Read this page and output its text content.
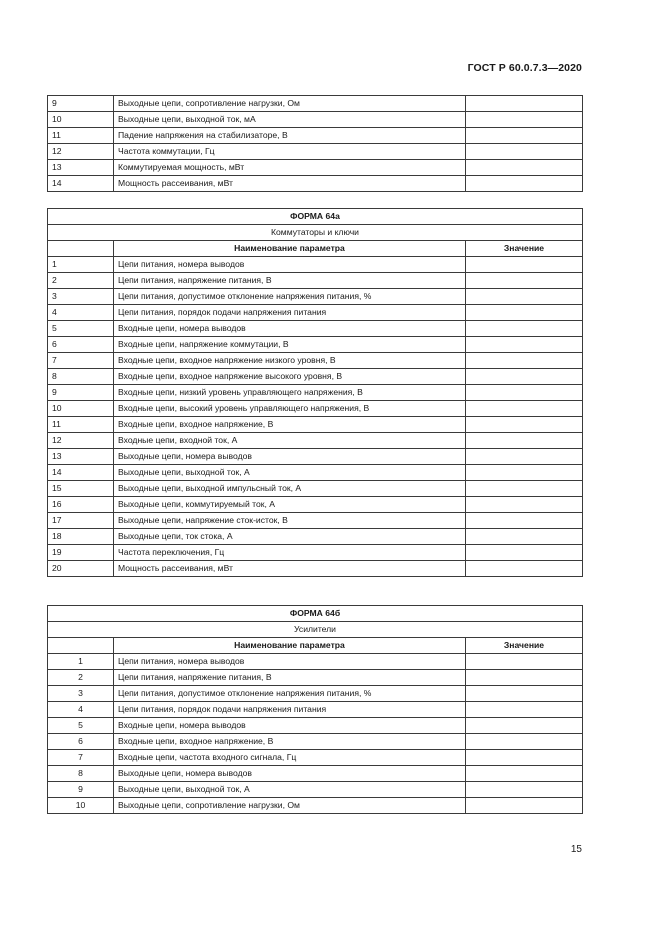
ГОСТ Р 60.0.7.3—2020
9	Выходные цепи, сопротивление нагрузки, Ом	
10	Выходные цепи, выходной ток, мА	
11	Падение напряжения на стабилизаторе, В	
12	Частота коммутации, Гц	
13	Коммутируемая мощность, мВт	
14	Мощность рассеивания, мВт	
ФОРМА 64а		
Коммутаторы и ключи		
	Наименование параметра	Значение
1	Цепи питания, номера выводов	
2	Цепи питания, напряжение питания, В	
3	Цепи питания, допустимое отклонение напряжения питания, %	
4	Цепи питания, порядок подачи напряжения питания	
5	Входные цепи, номера выводов	
6	Входные цепи, напряжение коммутации, В	
7	Входные цепи, входное напряжение низкого уровня, В	
8	Входные цепи, входное напряжение высокого уровня, В	
9	Входные цепи, низкий уровень управляющего напряжения, В	
10	Входные цепи, высокий уровень управляющего напряжения, В	
11	Входные цепи, входное напряжение, В	
12	Входные цепи, входной ток, А	
13	Выходные цепи, номера выводов	
14	Выходные цепи, выходной ток, А	
15	Выходные цепи, выходной импульсный ток, А	
16	Выходные цепи, коммутируемый ток, А	
17	Выходные цепи, напряжение сток-исток, В	
18	Выходные цепи, ток стока, А	
19	Частота переключения, Гц	
20	Мощность рассеивания, мВт	
ФОРМА 64б		
Усилители		
	Наименование параметра	Значение
1	Цепи питания, номера выводов	
2	Цепи питания, напряжение питания, В	
3	Цепи питания, допустимое отклонение напряжения питания, %	
4	Цепи питания, порядок подачи напряжения питания	
5	Входные цепи, номера выводов	
6	Входные цепи, входное напряжение, В	
7	Входные цепи, частота входного сигнала, Гц	
8	Выходные цепи, номера выводов	
9	Выходные цепи, выходной ток, А	
10	Выходные цепи, сопротивление нагрузки, Ом	
15
